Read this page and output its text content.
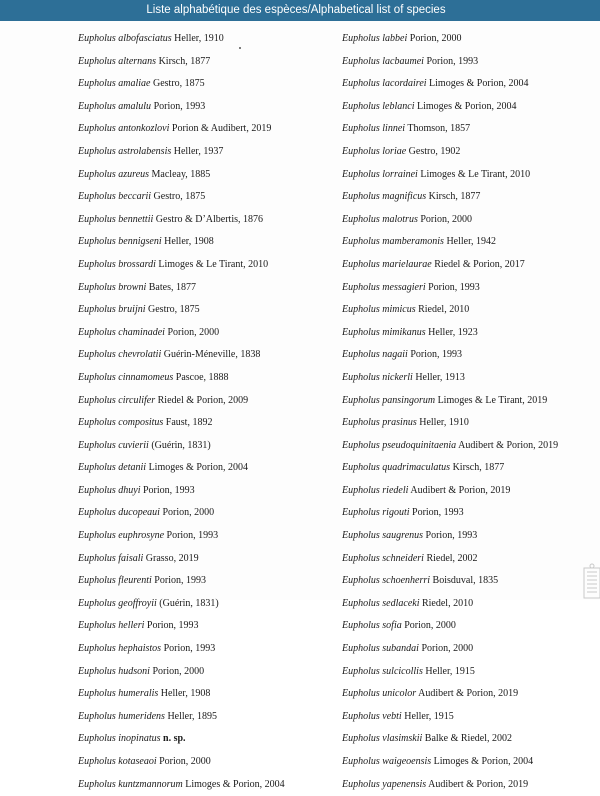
Liste alphabétique des espèces/Alphabetical list of species
Eupholus albofasciatus Heller, 1910
Eupholus alternans Kirsch, 1877
Eupholus amaliae Gestro, 1875
Eupholus amalulu Porion, 1993
Eupholus antonkozlovi Porion & Audibert, 2019
Eupholus astrolabensis Heller, 1937
Eupholus azureus Macleay, 1885
Eupholus beccarii Gestro, 1875
Eupholus bennettii Gestro & D’Albertis, 1876
Eupholus bennigseni Heller, 1908
Eupholus brossardi Limoges & Le Tirant, 2010
Eupholus browni Bates, 1877
Eupholus bruijni Gestro, 1875
Eupholus chaminadei Porion, 2000
Eupholus chevrolatii Guérin-Méneville, 1838
Eupholus cinnamomeus Pascoe, 1888
Eupholus circulifer Riedel & Porion, 2009
Eupholus compositus Faust, 1892
Eupholus cuvierii (Guérin, 1831)
Eupholus detanii Limoges & Porion, 2004
Eupholus dhuyi Porion, 1993
Eupholus ducopeaui Porion, 2000
Eupholus euphrosyne Porion, 1993
Eupholus faisali Grasso, 2019
Eupholus fleurenti Porion, 1993
Eupholus geoffroyii (Guérin, 1831)
Eupholus helleri Porion, 1993
Eupholus hephaistos Porion, 1993
Eupholus hudsoni Porion, 2000
Eupholus humeralis Heller, 1908
Eupholus humeridens Heller, 1895
Eupholus inopinatus n. sp.
Eupholus kotaseaoi Porion, 2000
Eupholus kuntzmannorum Limoges & Porion, 2004
Eupholus labbei Porion, 2000
Eupholus lacbaumei Porion, 1993
Eupholus lacordairei Limoges & Porion, 2004
Eupholus leblanci Limoges & Porion, 2004
Eupholus linnei Thomson, 1857
Eupholus loriae Gestro, 1902
Eupholus lorrainei Limoges & Le Tirant, 2010
Eupholus magnificus Kirsch, 1877
Eupholus malotrus Porion, 2000
Eupholus mamberamonis Heller, 1942
Eupholus marielaurae Riedel & Porion, 2017
Eupholus messagieri Porion, 1993
Eupholus mimicus Riedel, 2010
Eupholus mimikanus Heller, 1923
Eupholus nagaii Porion, 1993
Eupholus nickerli Heller, 1913
Eupholus pansingorum Limoges & Le Tirant, 2019
Eupholus prasinus Heller, 1910
Eupholus pseudoquinitaenia Audibert & Porion, 2019
Eupholus quadrimaculatus Kirsch, 1877
Eupholus riedeli Audibert & Porion, 2019
Eupholus rigouti Porion, 1993
Eupholus saugrenus Porion, 1993
Eupholus schneideri Riedel, 2002
Eupholus schoenherri Boisduval, 1835
Eupholus sedlaceki Riedel, 2010
Eupholus sofia Porion, 2000
Eupholus subandai Porion, 2000
Eupholus sulcicollis Heller, 1915
Eupholus unicolor Audibert & Porion, 2019
Eupholus vebti Heller, 1915
Eupholus vlasimskii Balke & Riedel, 2002
Eupholus waigeoensis Limoges & Porion, 2004
Eupholus yapenensis Audibert & Porion, 2019
